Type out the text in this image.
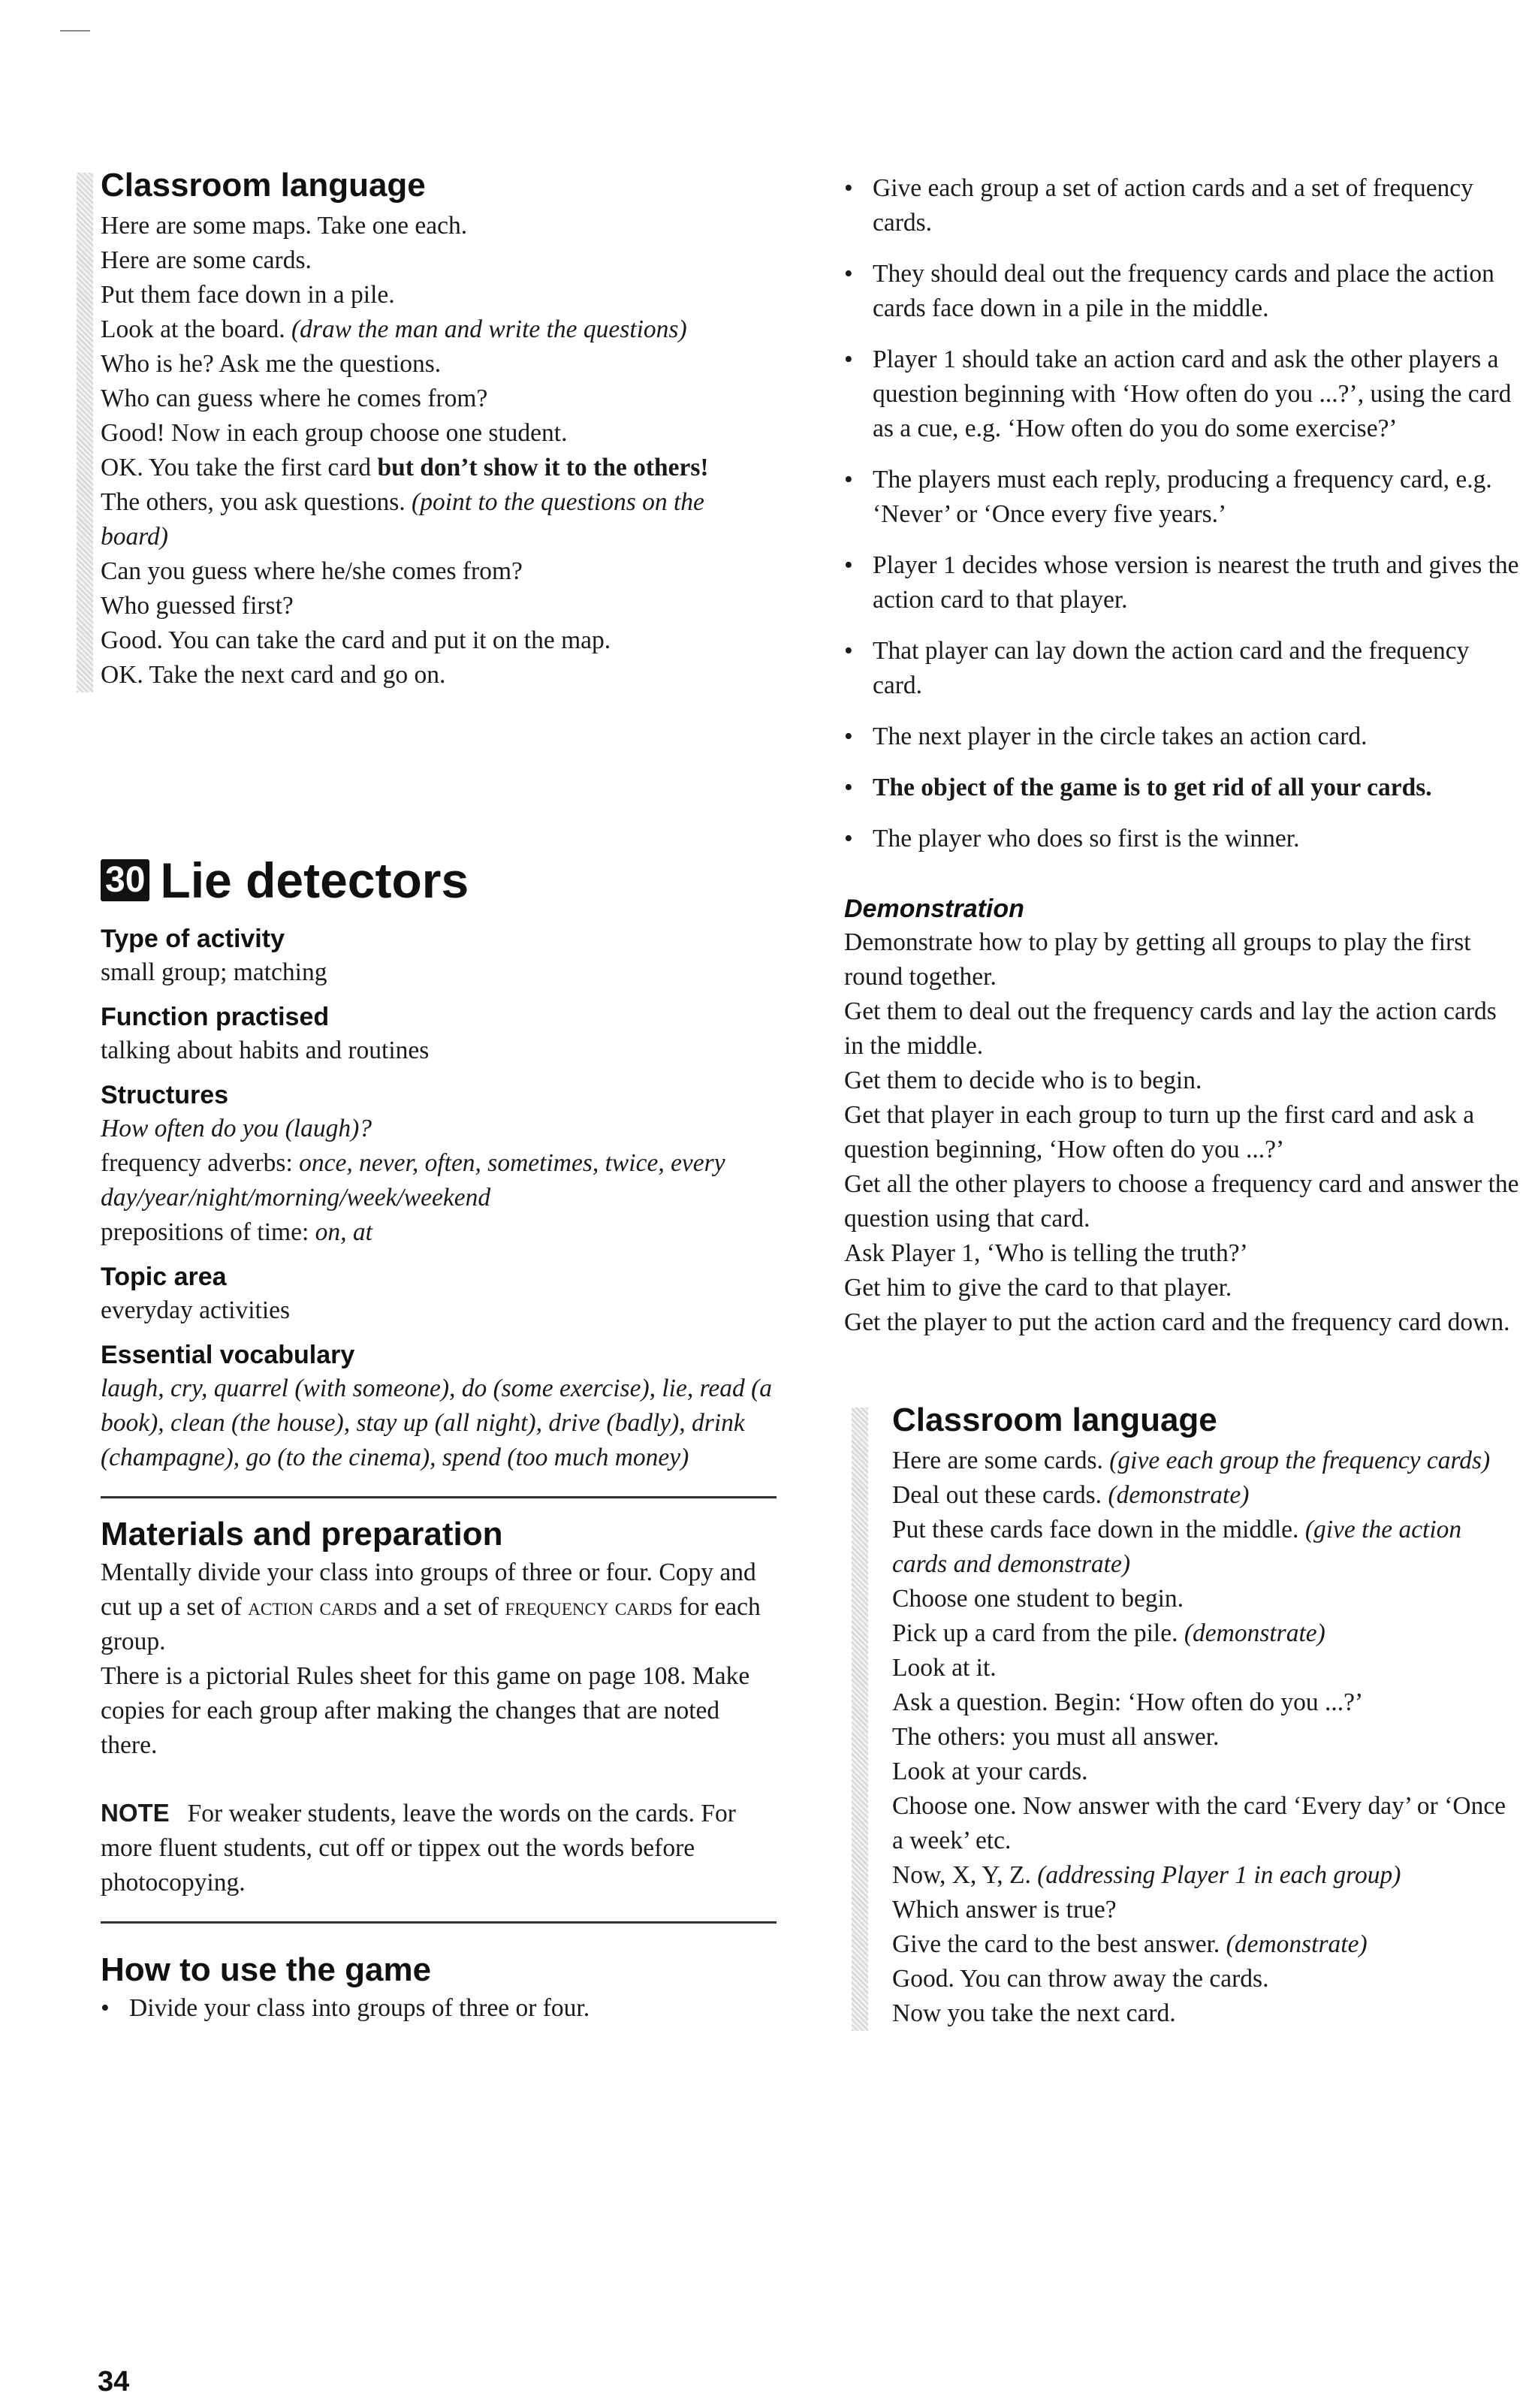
Classroom language
Here are some maps. Take one each.
Here are some cards.
Put them face down in a pile.
Look at the board. (draw the man and write the questions)
Who is he? Ask me the questions.
Who can guess where he comes from?
Good! Now in each group choose one student.
OK. You take the first card but don’t show it to the others!
The others, you ask questions. (point to the questions on the board)
Can you guess where he/she comes from?
Who guessed first?
Good. You can take the card and put it on the map.
OK. Take the next card and go on.
30 Lie detectors
Type of activity
small group; matching
Function practised
talking about habits and routines
Structures
How often do you (laugh)?
frequency adverbs: once, never, often, sometimes, twice, every day/year/night/morning/week/weekend
prepositions of time: on, at
Topic area
everyday activities
Essential vocabulary
laugh, cry, quarrel (with someone), do (some exercise), lie, read (a book), clean (the house), stay up (all night), drive (badly), drink (champagne), go (to the cinema), spend (too much money)
Materials and preparation
Mentally divide your class into groups of three or four. Copy and cut up a set of action cards and a set of frequency cards for each group.
There is a pictorial Rules sheet for this game on page 108. Make copies for each group after making the changes that are noted there.
NOTE For weaker students, leave the words on the cards. For more fluent students, cut off or tippex out the words before photocopying.
How to use the game
• Divide your class into groups of three or four.
• Give each group a set of action cards and a set of frequency cards.
• They should deal out the frequency cards and place the action cards face down in a pile in the middle.
• Player 1 should take an action card and ask the other players a question beginning with ‘How often do you ...?’, using the card as a cue, e.g. ‘How often do you do some exercise?’
• The players must each reply, producing a frequency card, e.g. ‘Never’ or ‘Once every five years.’
• Player 1 decides whose version is nearest the truth and gives the action card to that player.
• That player can lay down the action card and the frequency card.
• The next player in the circle takes an action card.
• The object of the game is to get rid of all your cards.
• The player who does so first is the winner.
Demonstration
Demonstrate how to play by getting all groups to play the first round together.
Get them to deal out the frequency cards and lay the action cards in the middle.
Get them to decide who is to begin.
Get that player in each group to turn up the first card and ask a question beginning, ‘How often do you ...?’
Get all the other players to choose a frequency card and answer the question using that card.
Ask Player 1, ‘Who is telling the truth?’
Get him to give the card to that player.
Get the player to put the action card and the frequency card down.
Classroom language
Here are some cards. (give each group the frequency cards)
Deal out these cards. (demonstrate)
Put these cards face down in the middle. (give the action cards and demonstrate)
Choose one student to begin.
Pick up a card from the pile. (demonstrate)
Look at it.
Ask a question. Begin: ‘How often do you ...?’
The others: you must all answer.
Look at your cards.
Choose one. Now answer with the card ‘Every day’ or ‘Once a week’ etc.
Now, X, Y, Z. (addressing Player 1 in each group)
Which answer is true?
Give the card to the best answer. (demonstrate)
Good. You can throw away the cards.
Now you take the next card.
34
